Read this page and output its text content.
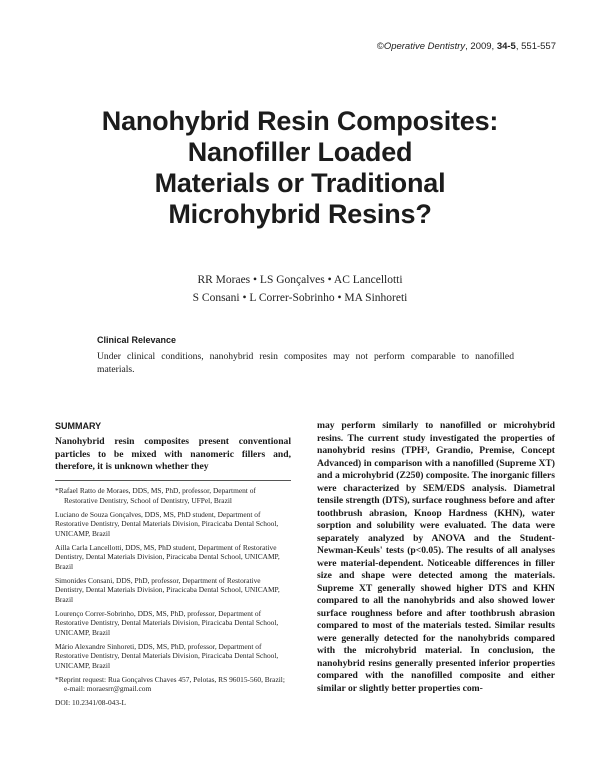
©Operative Dentistry, 2009, 34-5, 551-557
Nanohybrid Resin Composites:
Nanofiller Loaded
Materials or Traditional
Microhybrid Resins?
RR Moraes • LS Gonçalves • AC Lancellotti
S Consani • L Correr-Sobrinho • MA Sinhoreti
Clinical Relevance
Under clinical conditions, nanohybrid resin composites may not perform comparable to nanofilled materials.
SUMMARY
Nanohybrid resin composites present conventional particles to be mixed with nanomeric fillers and, therefore, it is unknown whether they
may perform similarly to nanofilled or microhybrid resins. The current study investigated the properties of nanohybrid resins (TPH³, Grandio, Premise, Concept Advanced) in comparison with a nanofilled (Supreme XT) and a microhybrid (Z250) composite. The inorganic fillers were characterized by SEM/EDS analysis. Diametral tensile strength (DTS), surface roughness before and after toothbrush abrasion, Knoop Hardness (KHN), water sorption and solubility were evaluated. The data were separately analyzed by ANOVA and the Student-Newman-Keuls' tests (p<0.05). The results of all analyses were material-dependent. Noticeable differences in filler size and shape were detected among the materials. Supreme XT generally showed higher DTS and KHN compared to all the nanohybrids and also showed lower surface roughness before and after toothbrush abrasion compared to most of the materials tested. Similar results were generally detected for the nanohybrids compared with the microhybrid material. In conclusion, the nanohybrid resins generally presented inferior properties compared with the nanofilled composite and either similar or slightly better properties com-

*Rafael Ratto de Moraes, DDS, MS, PhD, professor, Department of Restorative Dentistry, School of Dentistry, UFPel, Brazil

Luciano de Souza Gonçalves, DDS, MS, PhD student, Department of Restorative Dentistry, Dental Materials Division, Piracicaba Dental School, UNICAMP, Brazil

Ailla Carla Lancellotti, DDS, MS, PhD student, Department of Restorative Dentistry, Dental Materials Division, Piracicaba Dental School, UNICAMP, Brazil

Simonides Consani, DDS, PhD, professor, Department of Restorative Dentistry, Dental Materials Division, Piracicaba Dental School, UNICAMP, Brazil

Lourenço Correr-Sobrinho, DDS, MS, PhD, professor, Department of Restorative Dentistry, Dental Materials Division, Piracicaba Dental School, UNICAMP, Brazil

Mário Alexandre Sinhoreti, DDS, MS, PhD, professor, Department of Restorative Dentistry, Dental Materials Division, Piracicaba Dental School, UNICAMP, Brazil

*Reprint request: Rua Gonçalves Chaves 457, Pelotas, RS 96015-560, Brazil; e-mail: moraesrr@gmail.com

DOI: 10.2341/08-043-L
